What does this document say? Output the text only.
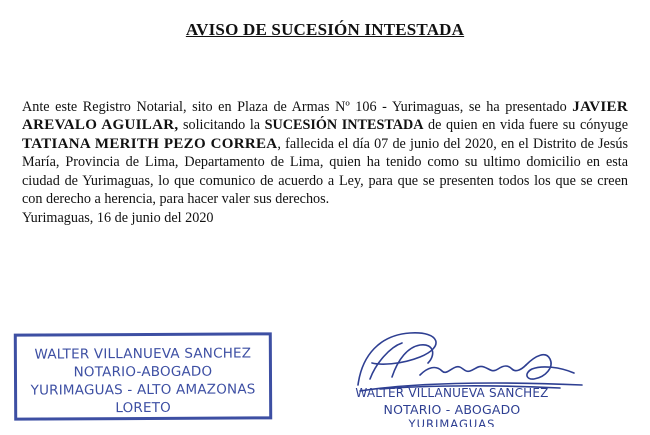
AVISO DE SUCESIÓN INTESTADA

Ante este Registro Notarial, sito en Plaza de Armas Nº 106 - Yurimaguas, se ha presentado JAVIER AREVALO AGUILAR, solicitando la SUCESIÓN INTESTADA de quien en vida fuere su cónyuge TATIANA MERITH PEZO CORREA, fallecida el día 07 de junio del 2020, en el Distrito de Jesús María, Provincia de Lima, Departamento de Lima, quien ha tenido como su ultimo domicilio en esta ciudad de Yurimaguas, lo que comunico de acuerdo a Ley, para que se presenten todos los que se creen con derecho a herencia, para hacer valer sus derechos.

Yurimaguas, 16 de junio del 2020

WALTER VILLANUEVA SANCHEZ
NOTARIO-ABOGADO
YURIMAGUAS - ALTO AMAZONAS
LORETO
WALTER VILLANUEVA SANCHEZ
NOTARIO - ABOGADO
YURIMAGUAS
